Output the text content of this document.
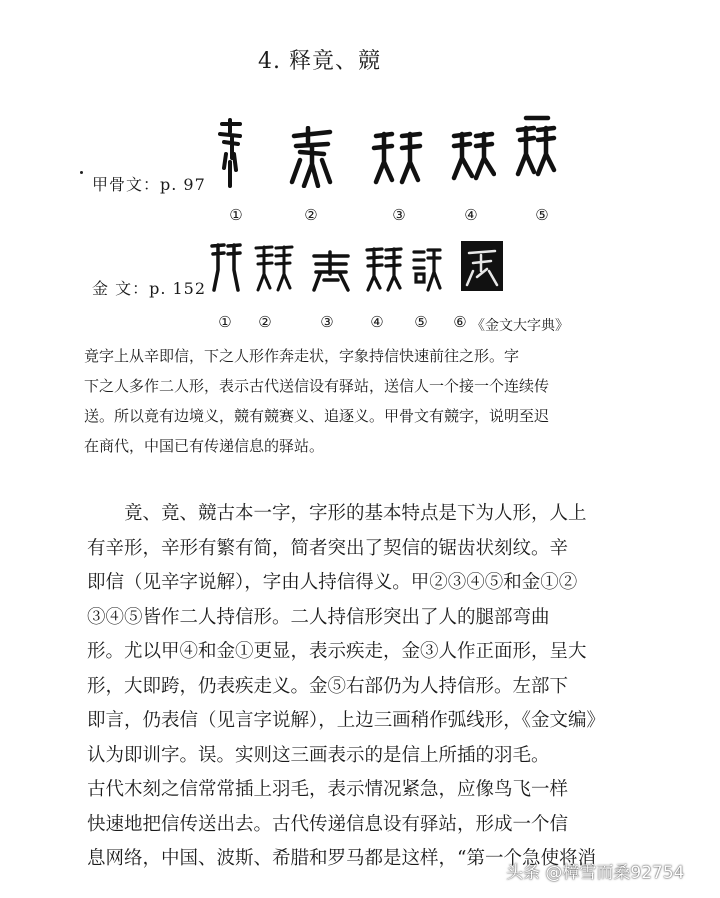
4. 释竟、競
甲骨文：p. 97
①	②	③	④	⑤
金 文：p. 152
①	②	③	④	⑤	⑥ 《金文大字典》

竟字上从辛即信，下之人形作奔走状，字象持信快速前往之形。字

下之人多作二人形，表示古代送信设有驿站，送信人一个接一个连续传

送。所以竟有边境义，競有競赛义、追逐义。甲骨文有競字，说明至迟

在商代，中国已有传递信息的驿站。

竟、竟、競古本一字，字形的基本特点是下为人形，人上

有辛形，辛形有繁有简，简者突出了契信的锯齿状刻纹。辛

即信（见辛字说解），字由人持信得义。甲②③④⑤和金①②

③④⑤皆作二人持信形。二人持信形突出了人的腿部弯曲

形。尤以甲④和金①更显，表示疾走，金③人作正面形，呈大

形，大即跨，仍表疾走义。金⑤右部仍为人持信形。左部下

即言，仍表信（见言字说解），上边三画稍作弧线形，《金文编》

认为即训字。误。实则这三画表示的是信上所插的羽毛。

古代木刻之信常常插上羽毛，表示情况紧急，应像鸟飞一样

快速地把信传送出去。古代传递信息设有驿站，形成一个信

息网络，中国、波斯、希腊和罗马都是这样，“第一个急使将消

头条 @樟雪而桑92754
